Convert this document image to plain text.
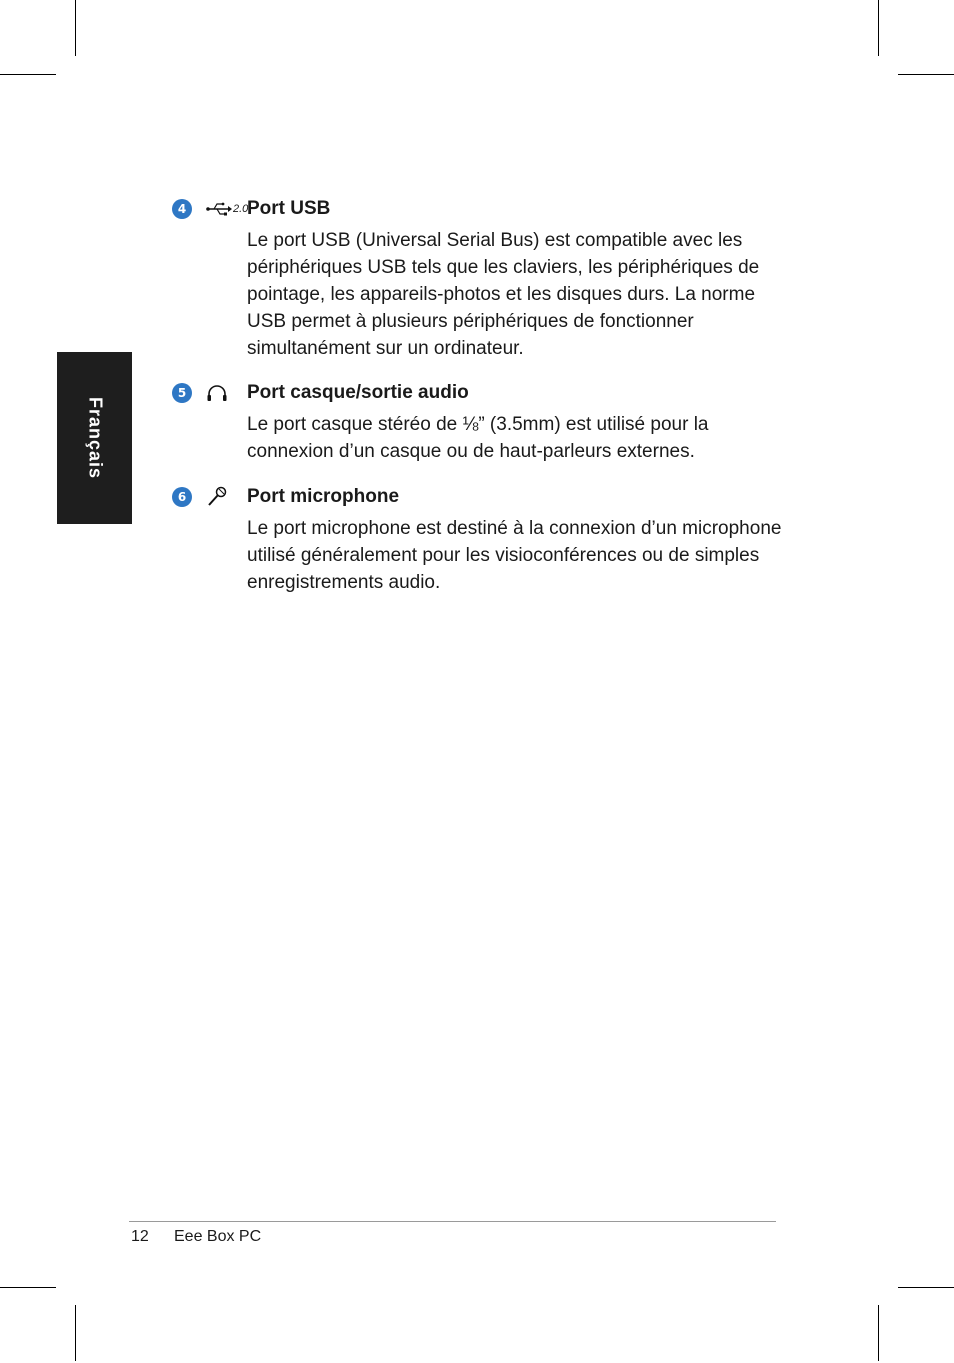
Français
4	2.0
Port USB

Le port USB (Universal Serial Bus) est compatible avec les périphériques USB tels que les claviers, les périphériques de pointage, les appareils-photos et les disques durs. La norme USB permet à plusieurs périphériques de fonctionner simultanément sur un ordinateur.

5	Port casque/sortie audio

Le port casque stéréo de ⅛” (3.5mm) est utilisé pour la connexion d’un casque ou de haut-parleurs externes.

6	Port microphone

Le port microphone est destiné à la connexion d’un microphone utilisé généralement pour les visioconférences ou de simples enregistrements audio.

12 Eee Box PC
